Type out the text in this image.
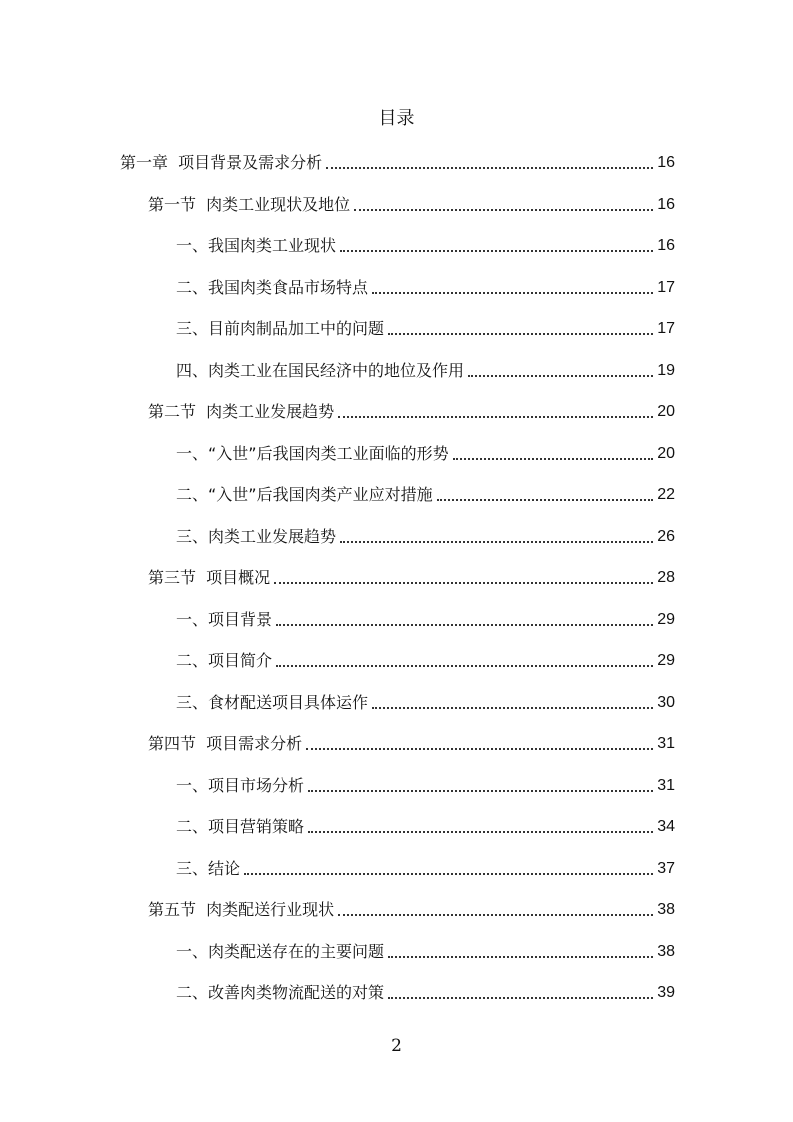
目录
第一章  项目背景及需求分析	16
第一节  肉类工业现状及地位	16
一、我国肉类工业现状	16
二、我国肉类食品市场特点	17
三、目前肉制品加工中的问题	17
四、肉类工业在国民经济中的地位及作用	19
第二节  肉类工业发展趋势	20
一、“入世”后我国肉类工业面临的形势	20
二、“入世”后我国肉类产业应对措施	22
三、肉类工业发展趋势	26
第三节  项目概况	28
一、项目背景	29
二、项目简介	29
三、食材配送项目具体运作	30
第四节  项目需求分析	31
一、项目市场分析	31
二、项目营销策略	34
三、结论	37
第五节  肉类配送行业现状	38
一、肉类配送存在的主要问题	38
二、改善肉类物流配送的对策	39
2
